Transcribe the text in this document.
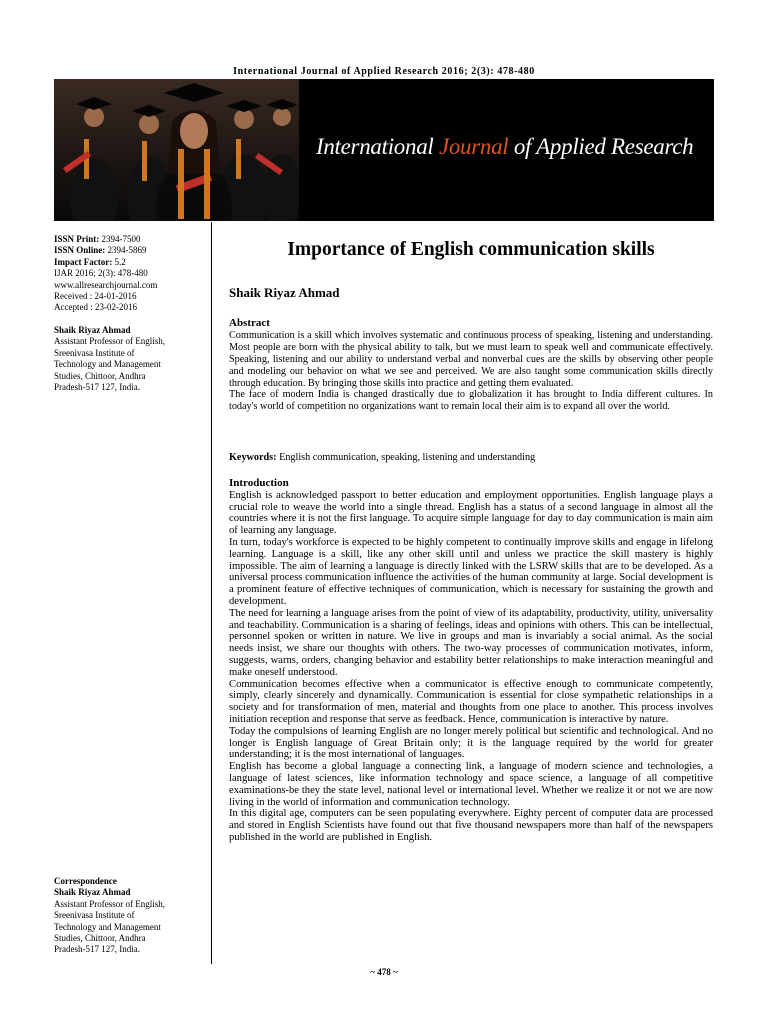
International Journal of Applied Research 2016; 2(3): 478-480
International Journal of Applied Research
ISSN Print: 2394-7500
ISSN Online: 2394-5869
Impact Factor: 5.2
IJAR 2016; 2(3): 478-480
www.allresearchjournal.com
Received : 24-01-2016
Accepted : 23-02-2016
Shaik Riyaz Ahmad
Assistant Professor of English,
Sreenivasa Institute of
Technology and Management
Studies, Chittoor, Andhra
Pradesh-517 127, India.
Correspondence
Shaik Riyaz Ahmad
Assistant Professor of English,
Sreenivasa Institute of
Technology and Management
Studies, Chittoor, Andhra
Pradesh-517 127, India.
Importance of English communication skills
Shaik Riyaz Ahmad
Abstract

Communication is a skill which involves systematic and continuous process of speaking, listening and understanding. Most people are born with the physical ability to talk, but we must learn to speak well and communicate effectively. Speaking, listening and our ability to understand verbal and nonverbal cues are the skills by observing other people and modeling our behavior on what we see and perceived. We are also taught some communication skills directly through education. By bringing those skills into practice and getting them evaluated.

The face of modern India is changed drastically due to globalization it has brought to India different cultures. In today's world of competition no organizations want to remain local their aim is to expand all over the world.

Keywords: English communication, speaking, listening and understanding
Introduction

English is acknowledged passport to better education and employment opportunities. English language plays a crucial role to weave the world into a single thread. English has a status of a second language in almost all the countries where it is not the first language. To acquire simple language for day to day communication is main aim of learning any language.

In turn, today's workforce is expected to be highly competent to continually improve skills and engage in lifelong learning. Language is a skill, like any other skill until and unless we practice the skill mastery is highly impossible. The aim of learning a language is directly linked with the LSRW skills that are to be developed. As a universal process communication influence the activities of the human community at large. Social development is a prominent feature of effective techniques of communication, which is necessary for sustaining the growth and development.

The need for learning a language arises from the point of view of its adaptability, productivity, utility, universality and teachability. Communication is a sharing of feelings, ideas and opinions with others. This can be intellectual, personnel spoken or written in nature. We live in groups and man is invariably a social animal. As the social needs insist, we share our thoughts with others. The two-way processes of communication motivates, inform, suggests, warns, orders, changing behavior and estability better relationships to make interaction meaningful and make oneself understood.

Communication becomes effective when a communicator is effective enough to communicate competently, simply, clearly sincerely and dynamically. Communication is essential for close sympathetic relationships in a society and for transformation of men, material and thoughts from one place to another. This process involves initiation reception and response that serve as feedback. Hence, communication is interactive by nature.

Today the compulsions of learning English are no longer merely political but scientific and technological. And no longer is English language of Great Britain only; it is the language required by the world for greater understanding; it is the most international of languages.

English has become a global language a connecting link, a language of modern science and technologies, a language of latest sciences, like information technology and space science, a language of all competitive examinations-be they the state level, national level or international level. Whether we realize it or not we are now living in the world of information and communication technology.

In this digital age, computers can be seen populating everywhere. Eighty percent of computer data are processed and stored in English Scientists have found out that five thousand newspapers more than half of the newspapers published in the world are published in English.

~ 478 ~
